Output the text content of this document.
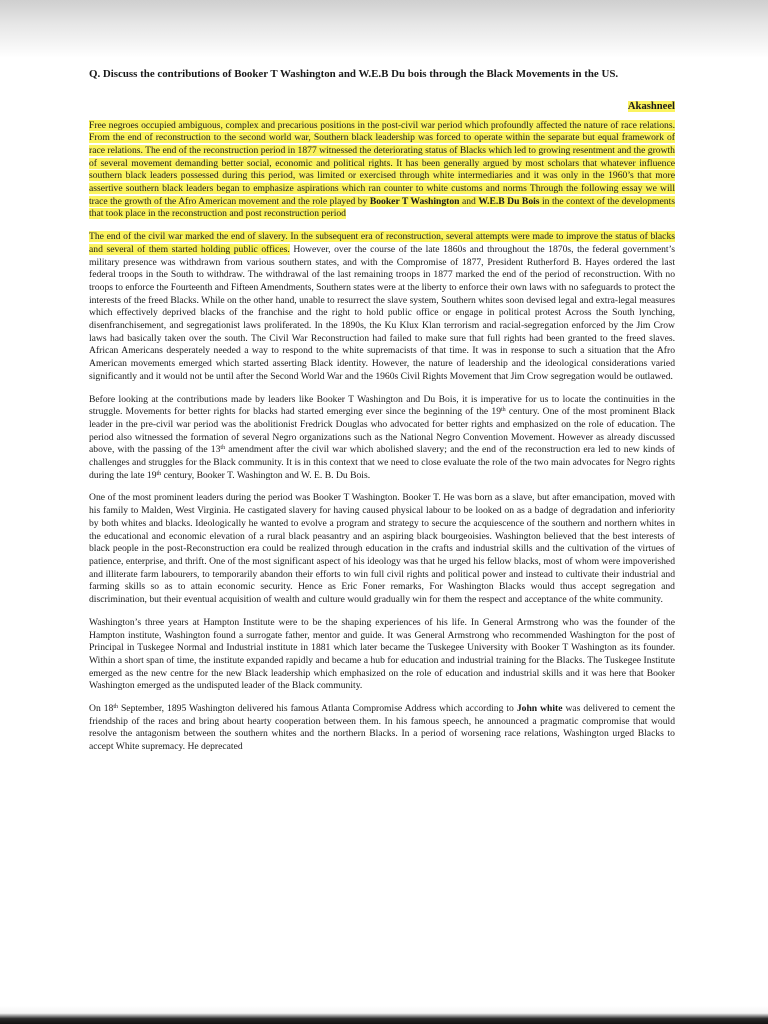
Q. Discuss the contributions of Booker T Washington and W.E.B Du bois through the Black Movements in the US.

Akashneel

Free negroes occupied ambiguous, complex and precarious positions in the post-civil war period which profoundly affected the nature of race relations. From the end of reconstruction to the second world war, Southern black leadership was forced to operate within the separate but equal framework of race relations. The end of the reconstruction period in 1877 witnessed the deteriorating status of Blacks which led to growing resentment and the growth of several movement demanding better social, economic and political rights. It has been generally argued by most scholars that whatever influence southern black leaders possessed during this period, was limited or exercised through white intermediaries and it was only in the 1960’s that more assertive southern black leaders began to emphasize aspirations which ran counter to white customs and norms Through the following essay we will trace the growth of the Afro American movement and the role played by Booker T Washington and W.E.B Du Bois in the context of the developments that took place in the reconstruction and post reconstruction period

The end of the civil war marked the end of slavery. In the subsequent era of reconstruction, several attempts were made to improve the status of blacks and several of them started holding public offices. However, over the course of the late 1860s and throughout the 1870s, the federal government’s military presence was withdrawn from various southern states, and with the Compromise of 1877, President Rutherford B. Hayes ordered the last federal troops in the South to withdraw. The withdrawal of the last remaining troops in 1877 marked the end of the period of reconstruction. With no troops to enforce the Fourteenth and Fifteen Amendments, Southern states were at the liberty to enforce their own laws with no safeguards to protect the interests of the freed Blacks. While on the other hand, unable to resurrect the slave system, Southern whites soon devised legal and extra-legal measures which effectively deprived blacks of the franchise and the right to hold public office or engage in political protest Across the South lynching, disenfranchisement, and segregationist laws proliferated. In the 1890s, the Ku Klux Klan terrorism and racial-segregation enforced by the Jim Crow laws had basically taken over the south. The Civil War Reconstruction had failed to make sure that full rights had been granted to the freed slaves. African Americans desperately needed a way to respond to the white supremacists of that time. It was in response to such a situation that the Afro American movements emerged which started asserting Black identity. However, the nature of leadership and the ideological considerations varied significantly and it would not be until after the Second World War and the 1960s Civil Rights Movement that Jim Crow segregation would be outlawed.

Before looking at the contributions made by leaders like Booker T Washington and Du Bois, it is imperative for us to locate the continuities in the struggle. Movements for better rights for blacks had started emerging ever since the beginning of the 19th century. One of the most prominent Black leader in the pre-civil war period was the abolitionist Fredrick Douglas who advocated for better rights and emphasized on the role of education. The period also witnessed the formation of several Negro organizations such as the National Negro Convention Movement. However as already discussed above, with the passing of the 13th amendment after the civil war which abolished slavery; and the end of the reconstruction era led to new kinds of challenges and struggles for the Black community. It is in this context that we need to close evaluate the role of the two main advocates for Negro rights during the late 19th century, Booker T. Washington and W. E. B. Du Bois.

One of the most prominent leaders during the period was Booker T Washington. Booker T. He was born as a slave, but after emancipation, moved with his family to Malden, West Virginia. He castigated slavery for having caused physical labour to be looked on as a badge of degradation and inferiority by both whites and blacks. Ideologically he wanted to evolve a program and strategy to secure the acquiescence of the southern and northern whites in the educational and economic elevation of a rural black peasantry and an aspiring black bourgeoisies. Washington believed that the best interests of black people in the post-Reconstruction era could be realized through education in the crafts and industrial skills and the cultivation of the virtues of patience, enterprise, and thrift. One of the most significant aspect of his ideology was that he urged his fellow blacks, most of whom were impoverished and illiterate farm labourers, to temporarily abandon their efforts to win full civil rights and political power and instead to cultivate their industrial and farming skills so as to attain economic security. Hence as Eric Foner remarks, For Washington Blacks would thus accept segregation and discrimination, but their eventual acquisition of wealth and culture would gradually win for them the respect and acceptance of the white community.

Washington’s three years at Hampton Institute were to be the shaping experiences of his life. In General Armstrong who was the founder of the Hampton institute, Washington found a surrogate father, mentor and guide. It was General Armstrong who recommended Washington for the post of Principal in Tuskegee Normal and Industrial institute in 1881 which later became the Tuskegee University with Booker T Washington as its founder. Within a short span of time, the institute expanded rapidly and became a hub for education and industrial training for the Blacks. The Tuskegee Institute emerged as the new centre for the new Black leadership which emphasized on the role of education and industrial skills and it was here that Booker Washington emerged as the undisputed leader of the Black community.

On 18th September, 1895 Washington delivered his famous Atlanta Compromise Address which according to John white was delivered to cement the friendship of the races and bring about hearty cooperation between them. In his famous speech, he announced a pragmatic compromise that would resolve the antagonism between the southern whites and the northern Blacks. In a period of worsening race relations, Washington urged Blacks to accept White supremacy. He deprecated
